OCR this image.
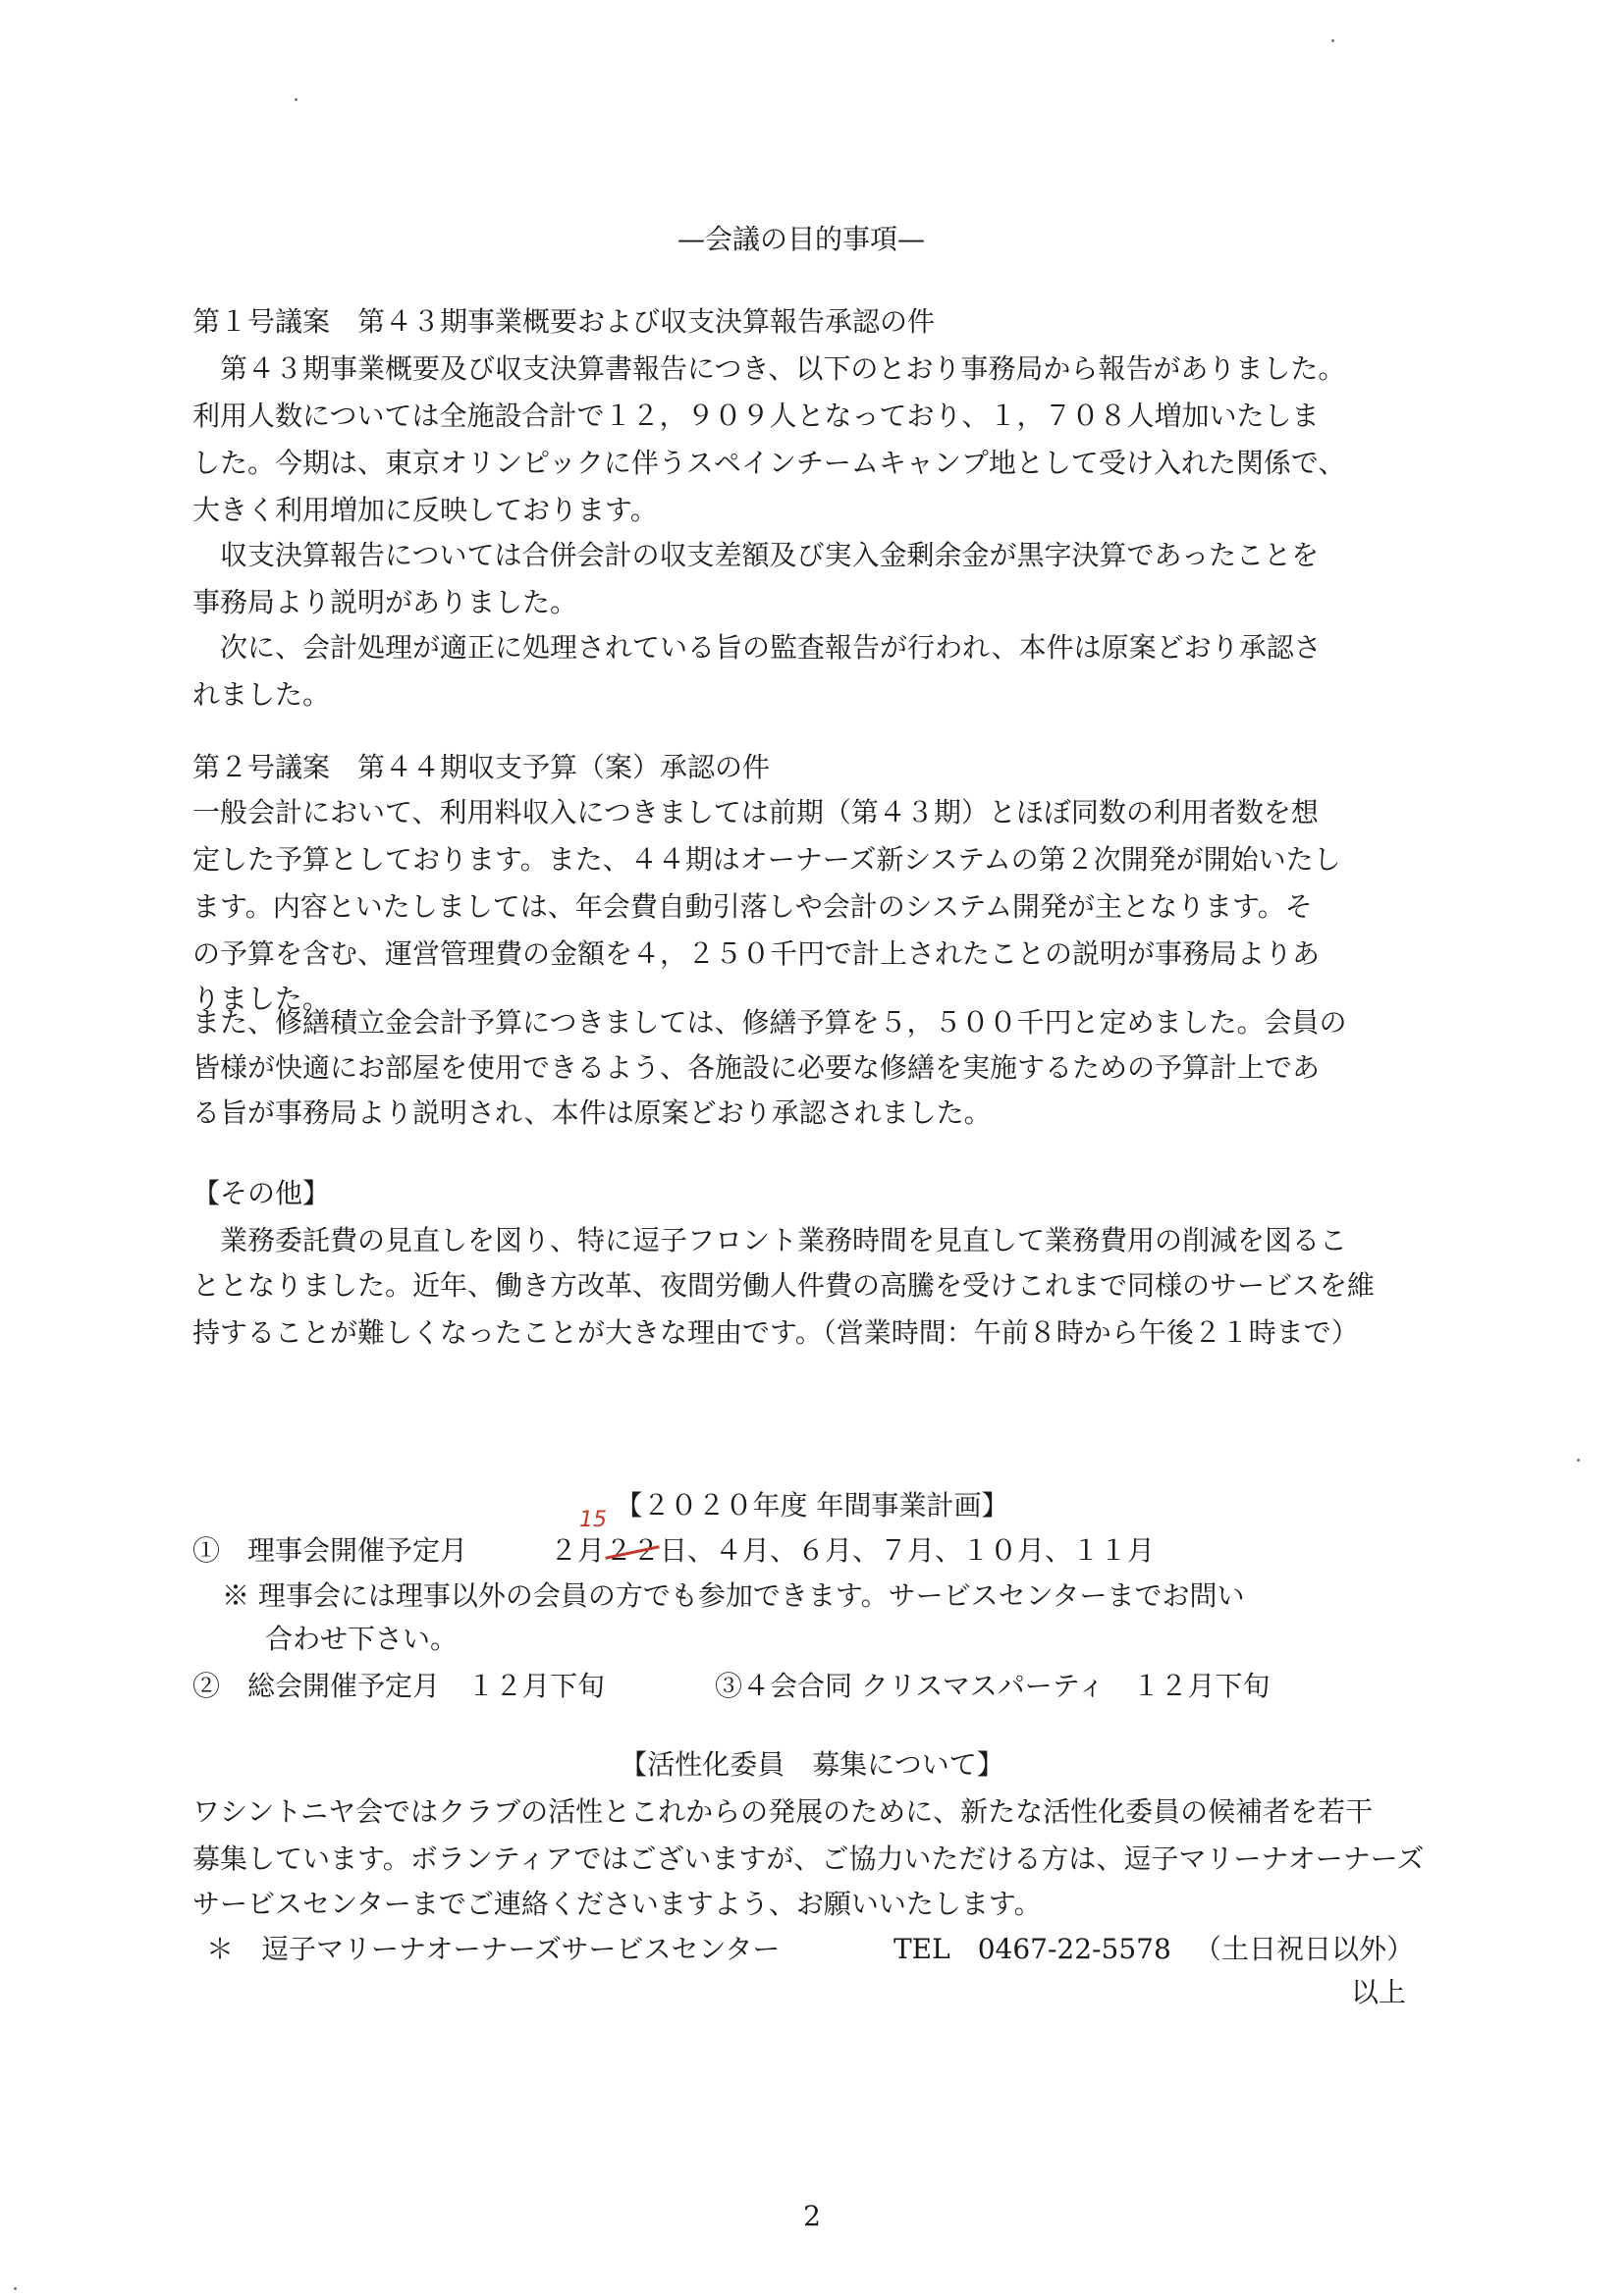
—会議の目的事項—
第１号議案　第４３期事業概要および収支決算報告承認の件
　第４３期事業概要及び収支決算書報告につき、以下のとおり事務局から報告がありました。
利用人数については全施設合計で１２，９０９人となっており、１，７０８人増加いたしま
した。今期は、東京オリンピックに伴うスペインチームキャンプ地として受け入れた関係で、
大きく利用増加に反映しております。
　収支決算報告については合併会計の収支差額及び実入金剰余金が黒字決算であったことを
事務局より説明がありました。
　次に、会計処理が適正に処理されている旨の監査報告が行われ、本件は原案どおり承認さ
れました。
第２号議案　第４４期収支予算（案）承認の件
一般会計において、利用料収入につきましては前期（第４３期）とほぼ同数の利用者数を想
定した予算としております。また、４４期はオーナーズ新システムの第２次開発が開始いたし
ます。内容といたしましては、年会費自動引落しや会計のシステム開発が主となります。そ
の予算を含む、運営管理費の金額を４，２５０千円で計上されたことの説明が事務局よりあ
りました。
また、修繕積立金会計予算につきましては、修繕予算を５，５００千円と定めました。会員の
皆様が快適にお部屋を使用できるよう、各施設に必要な修繕を実施するための予算計上であ
る旨が事務局より説明され、本件は原案どおり承認されました。
【その他】
　業務委託費の見直しを図り、特に逗子フロント業務時間を見直して業務費用の削減を図るこ
ととなりました。近年、働き方改革、夜間労働人件費の高騰を受けこれまで同様のサービスを維
持することが難しくなったことが大きな理由です。（営業時間：午前８時から午後２１時まで）
【２０２０年度 年間事業計画】
①　理事会開催予定月　　　２月２２日、４月、６月、７月、１０月、１１月
15
※ 理事会には理事以外の会員の方でも参加できます。サービスセンターまでお問い
合わせ下さい。
②　総会開催予定月　１２月下旬　　　　③４会合同 クリスマスパーティ　１２月下旬
【活性化委員　募集について】
ワシントニヤ会ではクラブの活性とこれからの発展のために、新たな活性化委員の候補者を若干
募集しています。ボランティアではございますが、ご協力いただける方は、逗子マリーナオーナーズ
サービスセンターまでご連絡くださいますよう、お願いいたします。
＊　逗子マリーナオーナーズサービスセンター	TEL　0467-22-5578 （土日祝日以外）
以上
2
